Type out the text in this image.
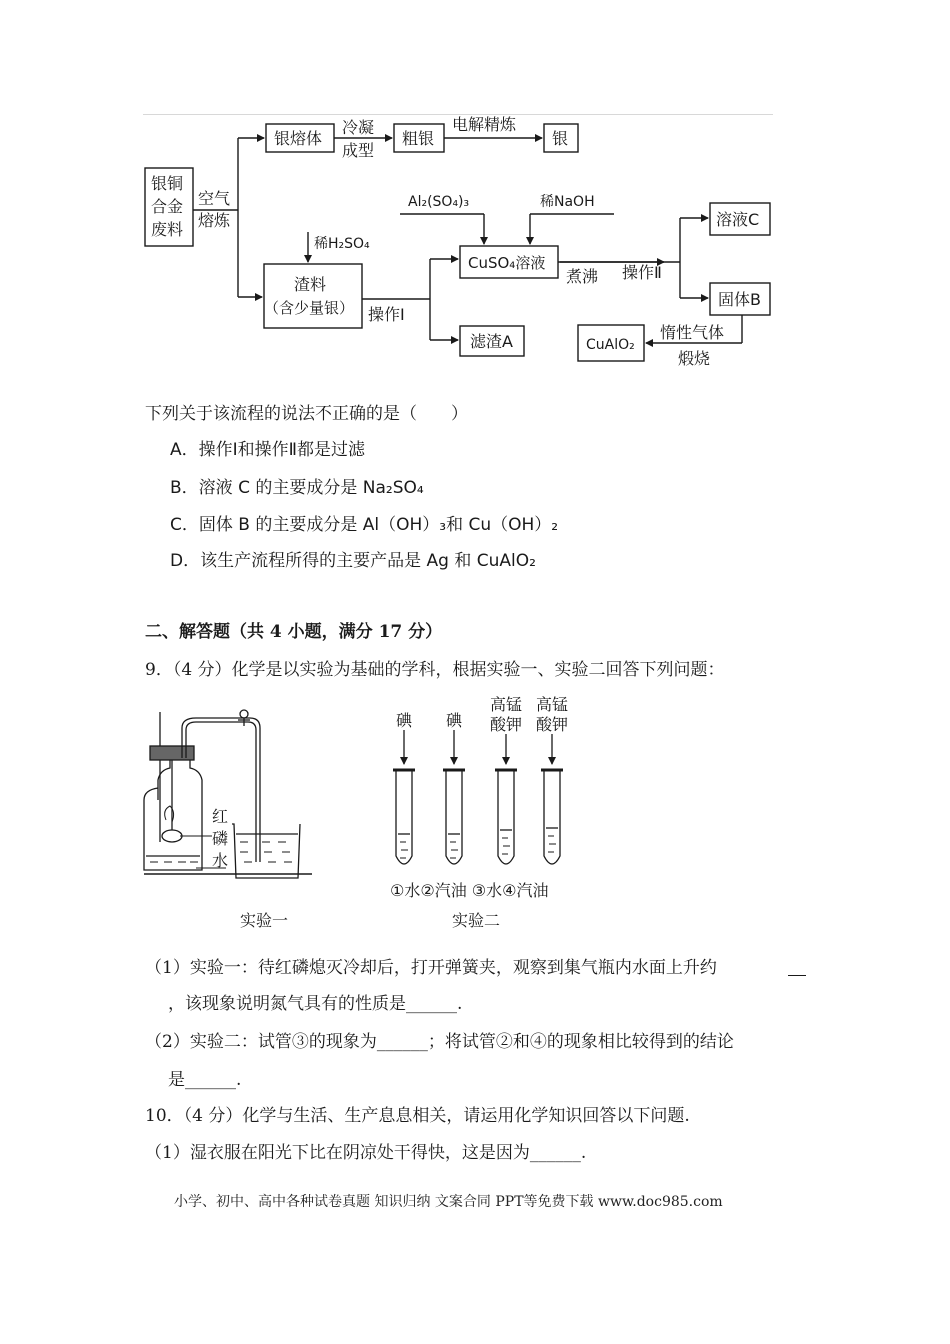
银铜
合金
废料
空气
熔炼
银熔体
冷凝
成型
粗银
电解精炼
银
稀H₂SO₄
渣料
（含少量银） 操作Ⅰ
滤渣A
Al₂(SO₄)₃	稀NaOH
CuSO₄溶液
煮沸 操作Ⅱ
溶液C
固体B
惰性气体
煅烧
CuAlO₂
下列关于该流程的说法不正确的是（　　）
A．操作Ⅰ和操作Ⅱ都是过滤
B．溶液 C 的主要成分是 Na₂SO₄
C．固体 B 的主要成分是 Al（OH）₃和 Cu（OH）₂
D．该生产流程所得的主要产品是 Ag 和 CuAlO₂
二、解答题（共 4 小题，满分 17 分）
9．（4 分）化学是以实验为基础的学科，根据实验一、实验二回答下列问题：
红
磷
水
实验一
碘 碘
高锰
酸钾
高锰
酸钾
①水②汽油 ③水④汽油
实验二
（1）实验一：待红磷熄灭冷却后，打开弹簧夹，观察到集气瓶内水面上升约
，该现象说明氮气具有的性质是______.
（2）实验二：试管③的现象为______；将试管②和④的现象相比较得到的结论
是______.
10．（4 分）化学与生活、生产息息相关，请运用化学知识回答以下问题.
（1）湿衣服在阳光下比在阴凉处干得快，这是因为______.
小学、初中、高中各种试卷真题 知识归纳 文案合同 PPT等免费下载 www.doc985.com
